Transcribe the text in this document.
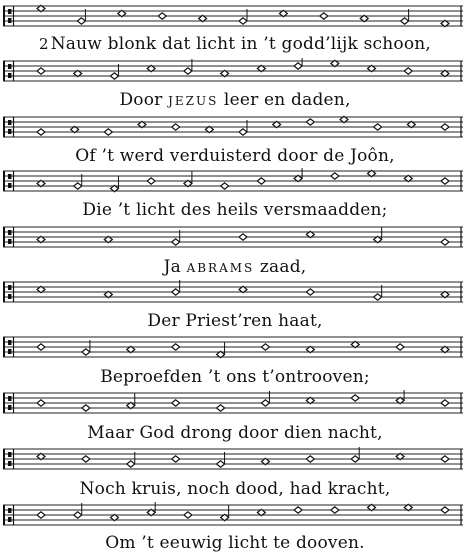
2 Nauw blonk dat licht in ’t godd’lijk schoon,
Door JEZUS leer en daden,
Of ’t werd verduisterd door de Joôn,
Die ’t licht des heils versmaadden;
Ja ABRAMS zaad,
Der Priest’ren haat,
Beproefden ’t ons t’ontrooven;
Maar God drong door dien nacht,
Noch kruis, noch dood, had kracht,
Om ’t eeuwig licht te dooven.
